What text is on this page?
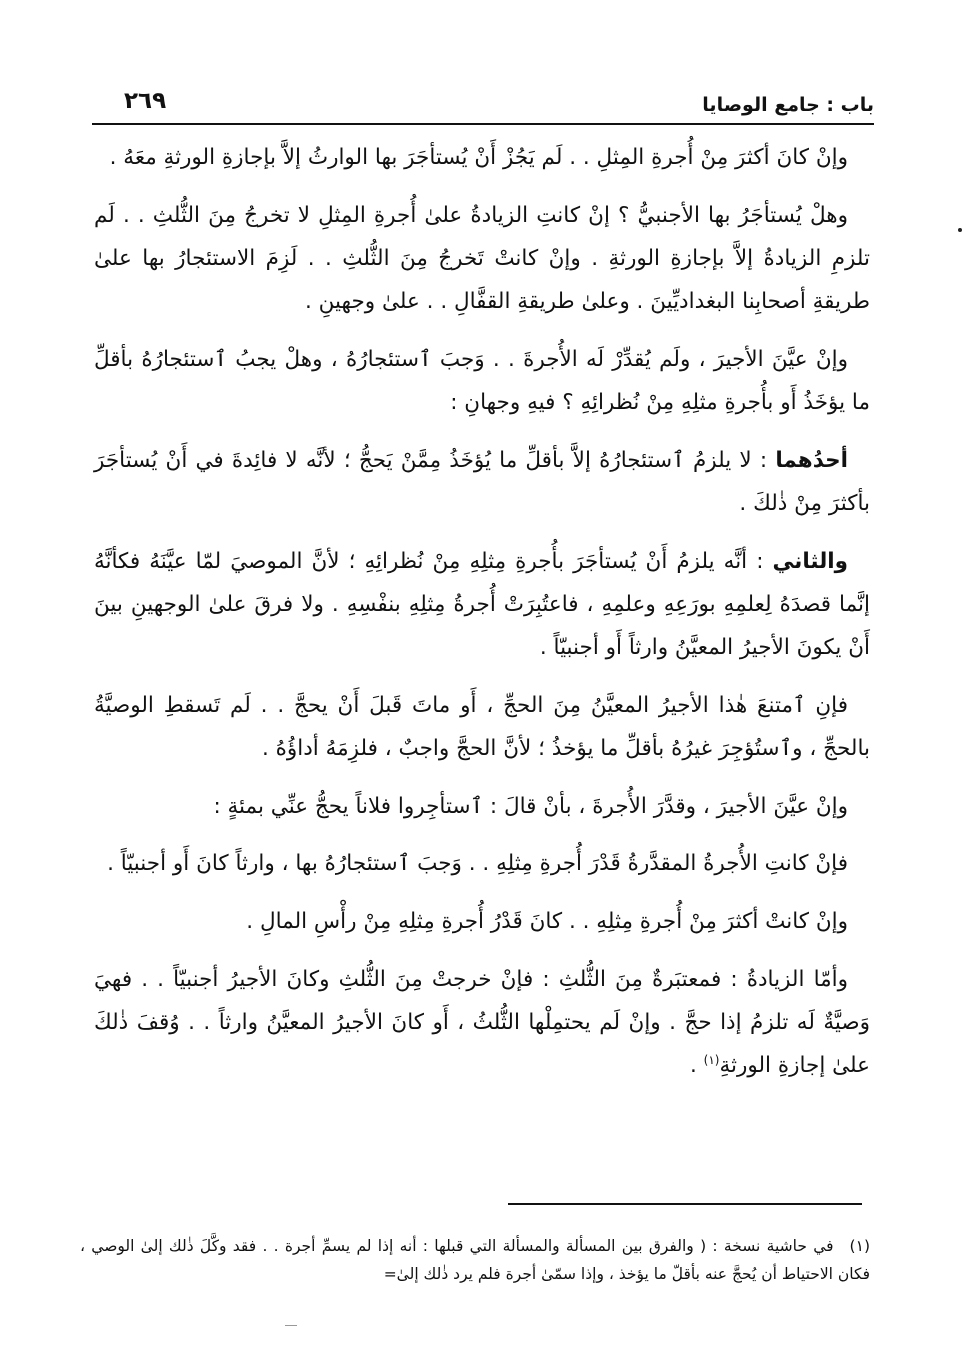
باب : جامع الوصايا
٢٦٩

وإنْ كانَ أكثرَ مِنْ أُجرةِ المِثلِ . . لَم يَجُزْ أَنْ يُستأجَرَ بها الوارثُ إلاَّ بإجازةِ الورثةِ معَهُ .

وهلْ يُستأجَرُ بها الأجنبيُّ ؟ إنْ كانتِ الزيادةُ علىٰ أُجرةِ المِثلِ لا تخرجُ مِنَ الثُّلثِ . . لَم تلزمِ الزيادةُ إلاَّ بإجازةِ الورثةِ . وإنْ كانتْ تَخرجُ مِنَ الثُّلثِ . . لَزِمَ الاستئجارُ بها علىٰ طريقةِ أصحابِنا البغداديِّينَ . وعلىٰ طريقةِ القفَّالِ . . علىٰ وجهينِ .

وإنْ عيَّنَ الأجيرَ ، ولَم يُقدِّرْ لَه الأُجرةَ . . وَجبَ ٱستئجارُهُ ، وهلْ يجبُ ٱستئجارُهُ بأقلِّ ما يؤخَذُ أَو بأُجرةِ مثلِهِ مِنْ نُظرائِهِ ؟ فيهِ وجهانِ :

أحدُهما : لا يلزمُ ٱستئجارُهُ إلاَّ بأقلِّ ما يُؤخَذُ مِمَّنْ يَحجُّ ؛ لأنَّه لا فائِدةَ في أَنْ يُستأجَرَ بأكثرَ مِنْ ذٰلكَ .

والثاني : أنَّه يلزمُ أَنْ يُستأجَرَ بأُجرةِ مِثلِهِ مِنْ نُظرائِهِ ؛ لأنَّ الموصيَ لمّا عيَّنَهُ فكأنَّهُ إنَّما قصدَهُ لِعلمِهِ بورَعِهِ وعلمِهِ ، فاعتُبِرَتْ أُجرةُ مِثلِهِ بنفْسِهِ . ولا فرقَ علىٰ الوجهينِ بينَ أَنْ يكونَ الأجيرُ المعيَّنُ وارثاً أَو أجنبيّاً .

فإنِ ٱمتنعَ هٰذا الأجيرُ المعيَّنُ مِنَ الحجِّ ، أَو ماتَ قَبلَ أَنْ يحجَّ . . لَم تَسقطِ الوصيَّةُ بالحجِّ ، وٱستُؤجِرَ غيرُهُ بأقلِّ ما يؤخذُ ؛ لأنَّ الحجَّ واجبٌ ، فلزِمَهُ أداؤُهُ .

وإنْ عيَّنَ الأجيرَ ، وقدَّرَ الأُجرةَ ، بأنْ قالَ : ٱستأجِروا فلاناً يحجُّ عنِّي بمئةٍ :

فإنْ كانتِ الأُجرةُ المقدَّرةُ قَدْرَ أُجرةِ مِثلِهِ . . وَجبَ ٱستئجارُهُ بها ، وارثاً كانَ أَو أجنبيّاً .

وإنْ كانتْ أكثرَ مِنْ أُجرةِ مِثلِهِ . . كانَ قَدْرُ أُجرةِ مِثلِهِ مِنْ رأْسِ المالِ .

وأمّا الزيادةُ : فمعتبَرةٌ مِنَ الثُّلثِ : فإنْ خرجتْ مِنَ الثُّلثِ وكانَ الأجيرُ أجنبيّاً . . فهيَ وَصيَّةٌ لَه تلزمُ إذا حجَّ . وإنْ لَم يحتمِلْها الثُّلثُ ، أَو كانَ الأجيرُ المعيَّنُ وارثاً . . وُقفَ ذٰلكَ علىٰ إجازةِ الورثةِ$^{(١)}$ .

(١)في حاشية نسخة : ( والفرق بين المسألة والمسألة التي قبلها : أنه إذا لم يسمِّ أجرة . . فقد وكَّلَ ذٰلك إلىٰ الوصي ، فكان الاحتياط أن يُحجَّ عنه بأقلّ ما يؤخذ ، وإذا سمّىٰ أجرة فلم يرد ذٰلك إلىٰ=
